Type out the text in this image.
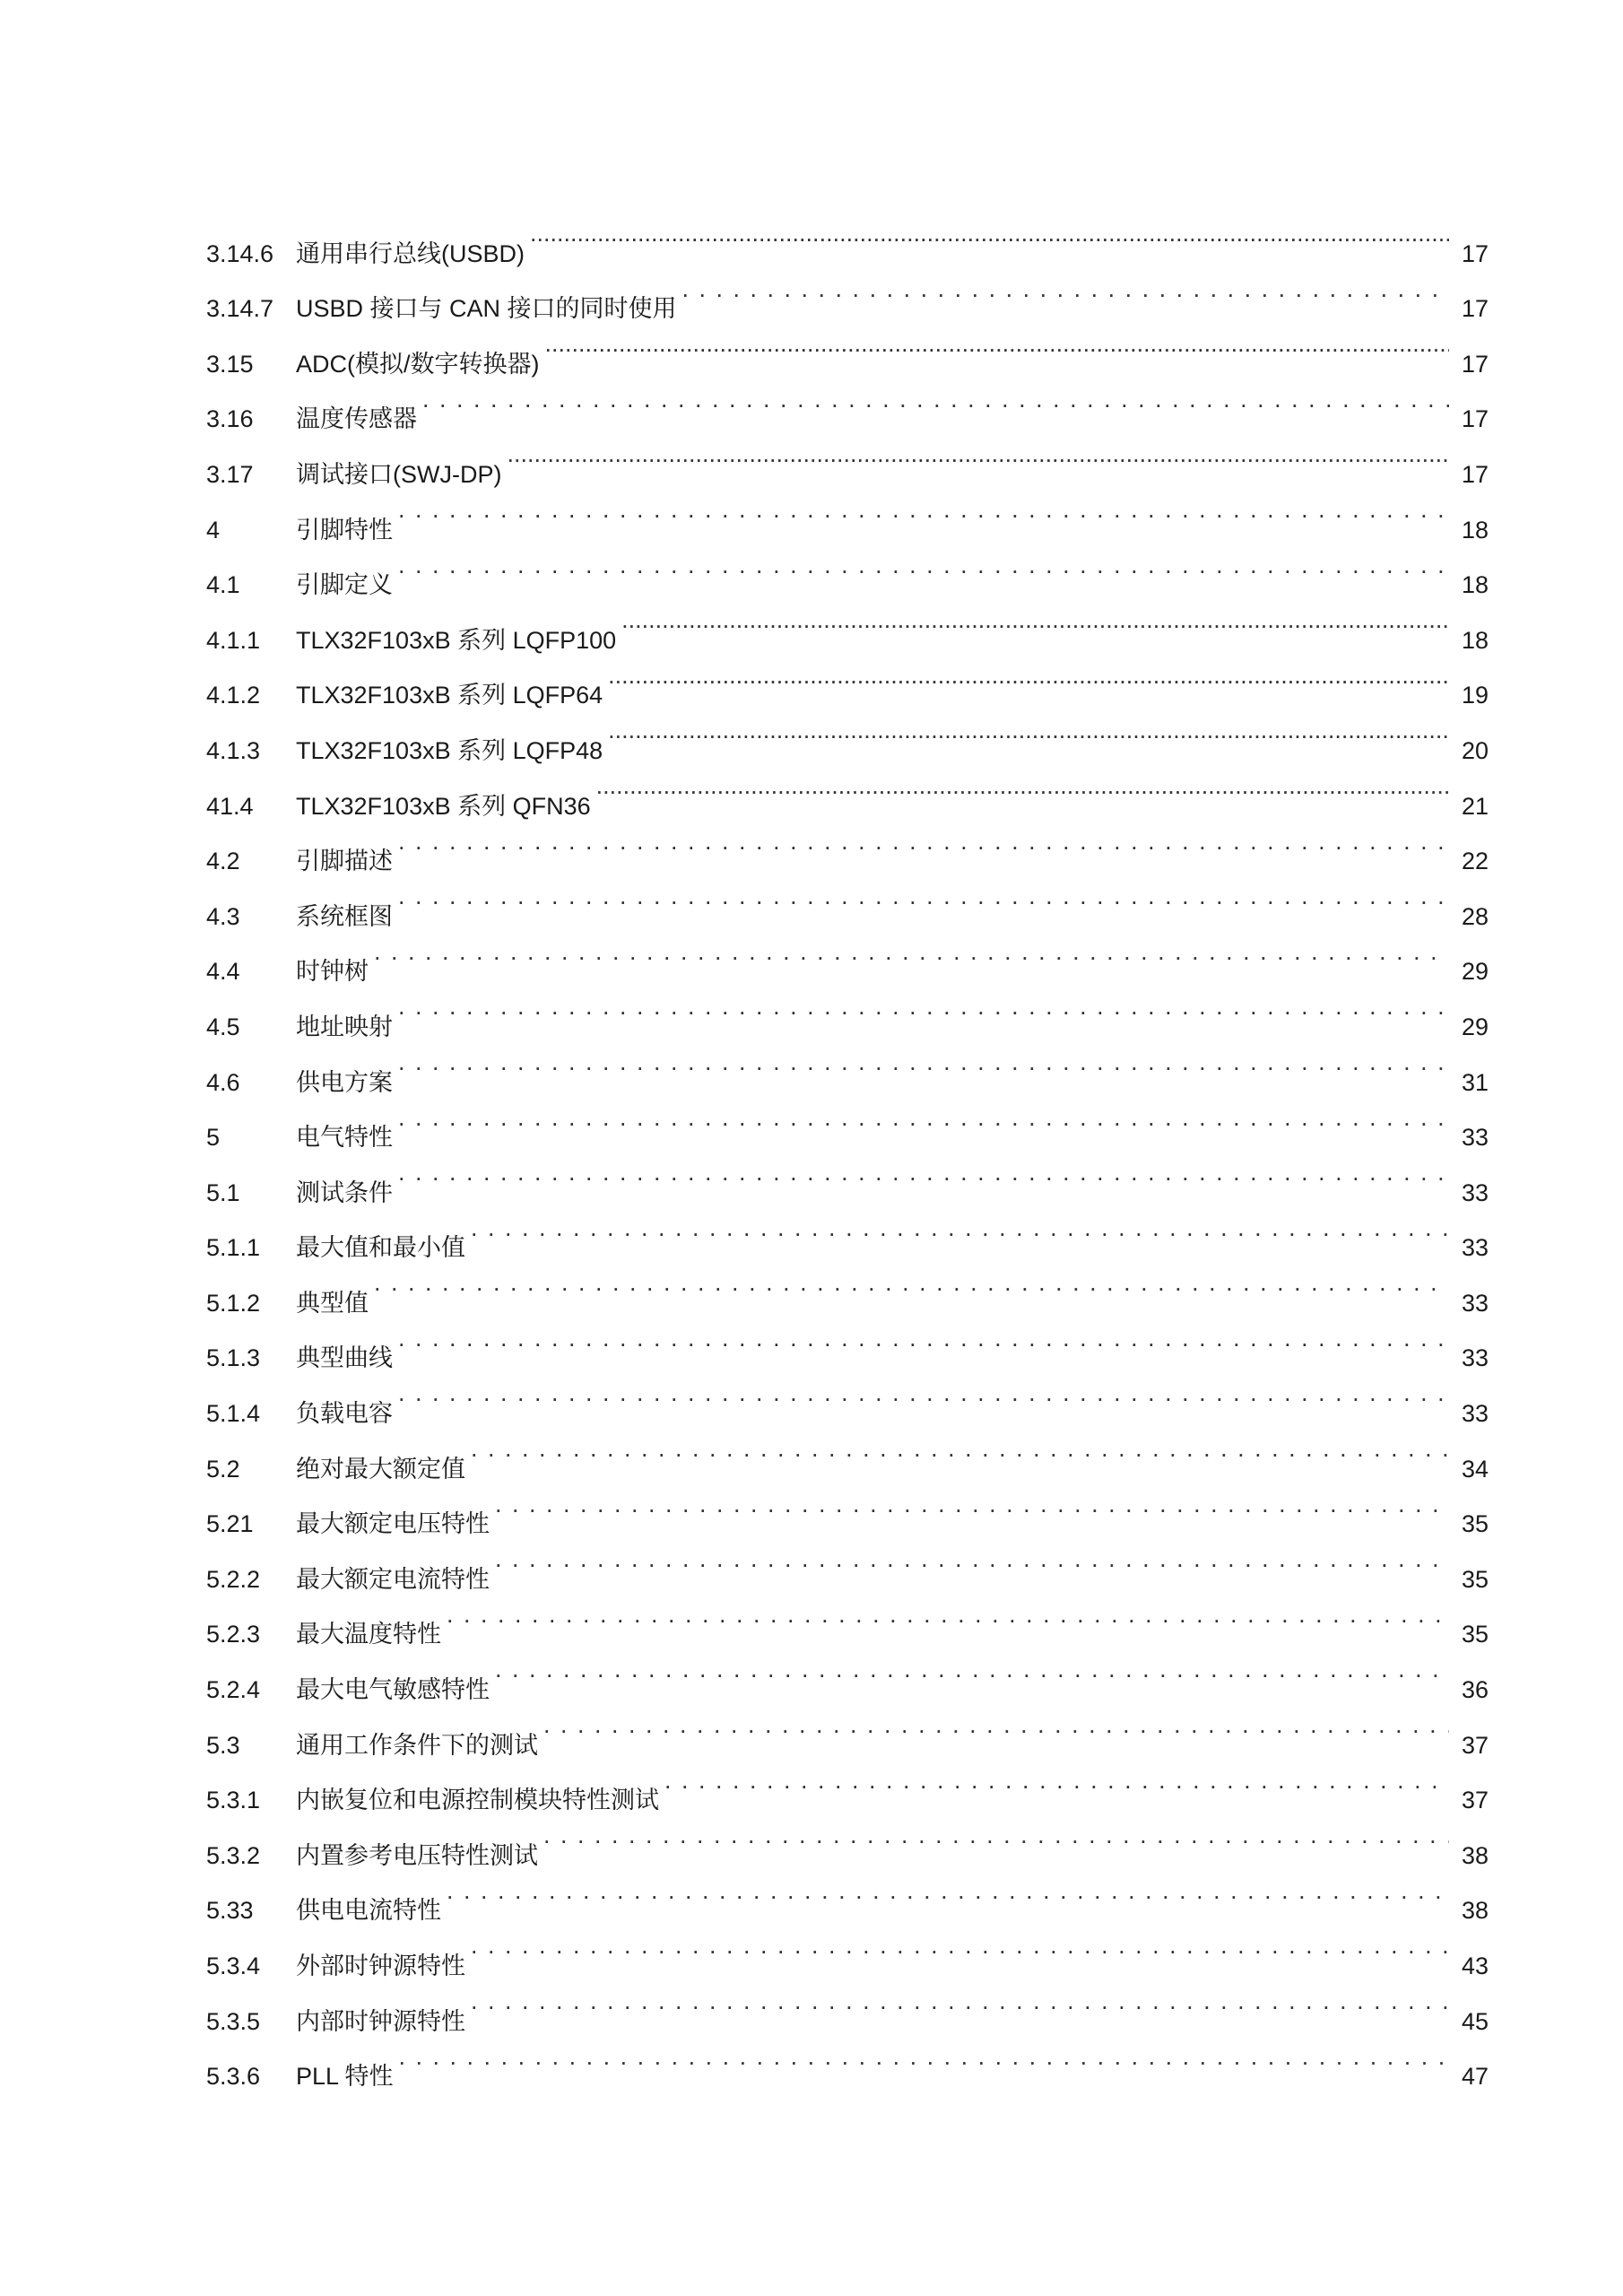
3.14.6 通用串行总线(USBD) .....	17
3.14.7 USBD 接口与 CAN 接口的同时使用 . . .	17
3.15	ADC(模拟/数字转换器) .....	17
3.16	温度传感器 . . .	17
3.17	调试接口(SWJ-DP) .....	17
4	引脚特性 . . .	18
4.1	引脚定义 . . .	18
4.1.1	TLX32F103xB 系列 LQFP100 .....	18
4.1.2	TLX32F103xB 系列 LQFP64 .....	19
4.1.3	TLX32F103xB 系列 LQFP48 .....	20
41.4	TLX32F103xB 系列 QFN36 .....	21
4.2	引脚描述 . . .	22
4.3	系统框图 . . .	28
4.4	时钟树 . . .	29
4.5	地址映射 . . .	29
4.6	供电方案 . . .	31
5	电气特性 . . .	33
5.1	测试条件 . . .	33
5.1.1	最大值和最小值 . . .	33
5.1.2	典型值 . . .	33
5.1.3	典型曲线 . . .	33
5.1.4	负载电容 . . .	33
5.2	绝对最大额定值 . . .	34
5.21	最大额定电压特性 . . .	35
5.2.2	最大额定电流特性 . . .	35
5.2.3	最大温度特性 . . .	35
5.2.4	最大电气敏感特性 . . .	36
5.3	通用工作条件下的测试 . . .	37
5.3.1	内嵌复位和电源控制模块特性测试 . . .	37
5.3.2	内置参考电压特性测试 . . .	38
5.33	供电电流特性 . . .	38
5.3.4	外部时钟源特性 . . .	43
5.3.5	内部时钟源特性 . . .	45
5.3.6	PLL 特性 . . .	47
